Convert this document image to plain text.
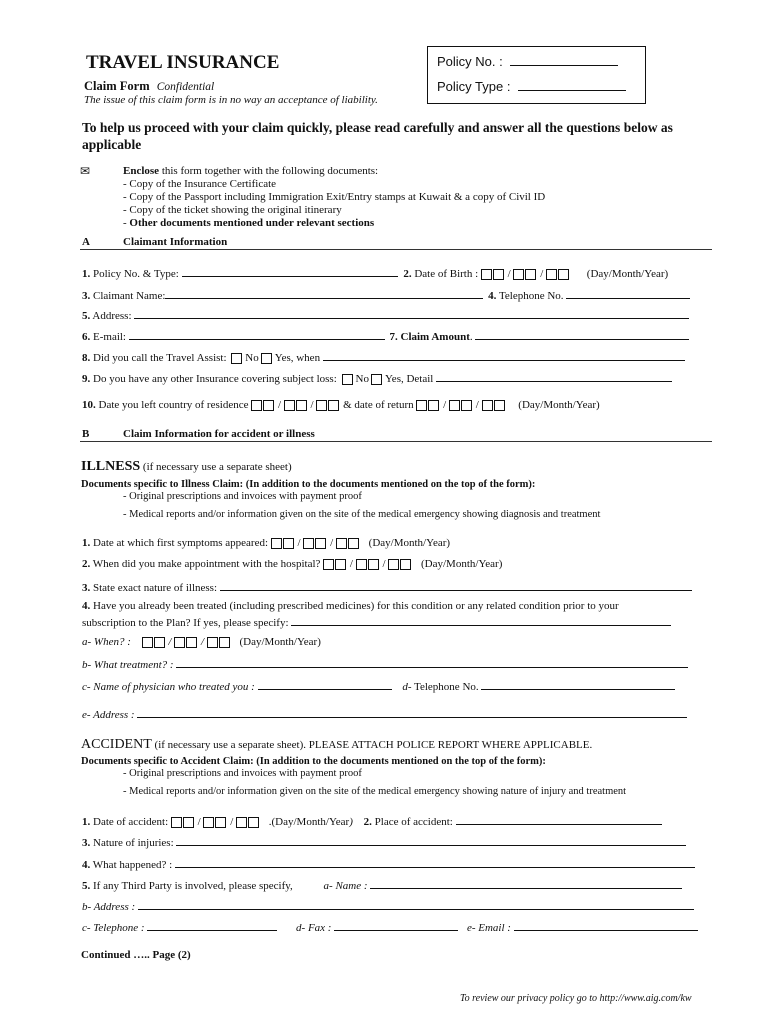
TRAVEL INSURANCE
Claim Form Confidential
The issue of this claim form is in no way an acceptance of liability.
Policy No. :
Policy Type :
To help us proceed with your claim quickly, please read carefully and answer all the questions below as applicable
✉	Enclose this form together with the following documents:
- Copy of the Insurance Certificate
- Copy of the Passport including Immigration Exit/Entry stamps at Kuwait & a copy of Civil ID
- Copy of the ticket showing the original itinerary
- Other documents mentioned under relevant sections
A	Claimant Information
1. Policy No. & Type:	2. Date of Birth :  /  /	(Day/Month/Year)
3. Claimant Name:	4. Telephone No.
5. Address:
6. E-mail:	7. Claim Amount.
8. Did you call the Travel Assist: No Yes, when
9. Do you have any other Insurance covering subject loss: No Yes, Detail
10. Date you left country of residence  /  /  & date of return  /  /	(Day/Month/Year)
B	Claim Information for accident or illness
ILLNESS (if necessary use a separate sheet)
Documents specific to Illness Claim: (In addition to the documents mentioned on the top of the form):
- Original prescriptions and invoices with payment proof
- Medical reports and/or information given on the site of the medical emergency showing diagnosis and treatment
1. Date at which first symptoms appeared:  /  /	(Day/Month/Year)
2. When did you make appointment with the hospital?  /  /	(Day/Month/Year)
3. State exact nature of illness:
4. Have you already been treated (including prescribed medicines) for this condition or any related condition prior to your
subscription to the Plan? If yes, please specify:
a- When? :	/  /	(Day/Month/Year)
b- What treatment? :
c- Name of physician who treated you :	d- Telephone No.
e- Address :
ACCIDENT (if necessary use a separate sheet). PLEASE ATTACH POLICE REPORT WHERE APPLICABLE.
Documents specific to Accident Claim: (In addition to the documents mentioned on the top of the form):
- Original prescriptions and invoices with payment proof
- Medical reports and/or information given on the site of the medical emergency showing nature of injury and treatment
1. Date of accident:  /  /	.(Day/Month/Year) 2. Place of accident:
3. Nature of injuries:
4. What happened? :
5. If any Third Party is involved, please specify,	a- Name :
b- Address :
c- Telephone :	d- Fax :	e- Email :
Continued ….. Page (2)
To review our privacy policy go to http://www.aig.com/kw
